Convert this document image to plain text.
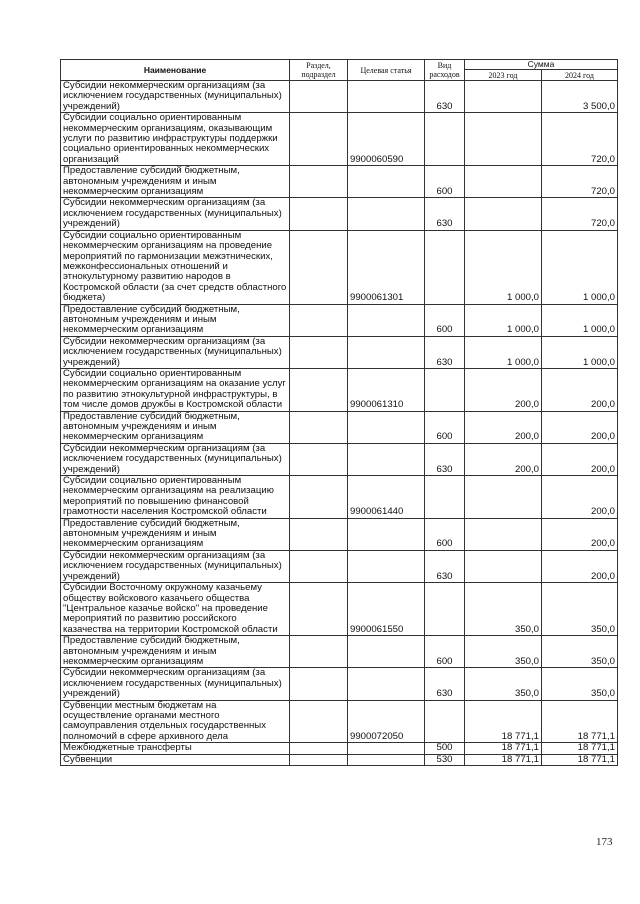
Наименование	Раздел, подраздел	Целевая статья	Вид расходов	Сумма	
				2023 год	2024 год
Субсидии некоммерческим организациям (за исключением государственных (муниципальных) учреждений)			630		3 500,0
Субсидии социально ориентированным некоммерческим организациям, оказывающим услуги по развитию инфраструктуры поддержки социально ориентированных некоммерческих организаций		9900060590			720,0
Предоставление субсидий бюджетным, автономным учреждениям и иным некоммерческим организациям			600		720,0
Субсидии некоммерческим организациям (за исключением государственных (муниципальных) учреждений)			630		720,0
Субсидии социально ориентированным некоммерческим организациям на проведение мероприятий по гармонизации межэтнических, межконфессиональных отношений и этнокультурному развитию народов в Костромской области (за счет средств областного бюджета)		9900061301		1 000,0	1 000,0
Предоставление субсидий бюджетным, автономным учреждениям и иным некоммерческим организациям			600	1 000,0	1 000,0
Субсидии некоммерческим организациям (за исключением государственных (муниципальных) учреждений)			630	1 000,0	1 000,0
Субсидии социально ориентированным некоммерческим организациям на оказание услуг по развитию этнокультурной инфраструктуры, в том числе домов дружбы в Костромской области		9900061310		200,0	200,0
Предоставление субсидий бюджетным, автономным учреждениям и иным некоммерческим организациям			600	200,0	200,0
Субсидии некоммерческим организациям (за исключением государственных (муниципальных) учреждений)			630	200,0	200,0
Субсидии социально ориентированным некоммерческим организациям на реализацию мероприятий по повышению финансовой грамотности населения Костромской области		9900061440			200,0
Предоставление субсидий бюджетным, автономным учреждениям и иным некоммерческим организациям			600		200,0
Субсидии некоммерческим организациям (за исключением государственных (муниципальных) учреждений)			630		200,0
Субсидии Восточному окружному казачьему обществу войскового казачьего общества "Центральное казачье войско" на проведение мероприятий по развитию российского казачества на территории Костромской области		9900061550		350,0	350,0
Предоставление субсидий бюджетным, автономным учреждениям и иным некоммерческим организациям			600	350,0	350,0
Субсидии некоммерческим организациям (за исключением государственных (муниципальных) учреждений)			630	350,0	350,0
Субвенции местным бюджетам на осуществление органами местного самоуправления отдельных государственных полномочий в сфере архивного дела		9900072050		18 771,1	18 771,1
Межбюджетные трансферты			500	18 771,1	18 771,1
Субвенции			530	18 771,1	18 771,1
173
